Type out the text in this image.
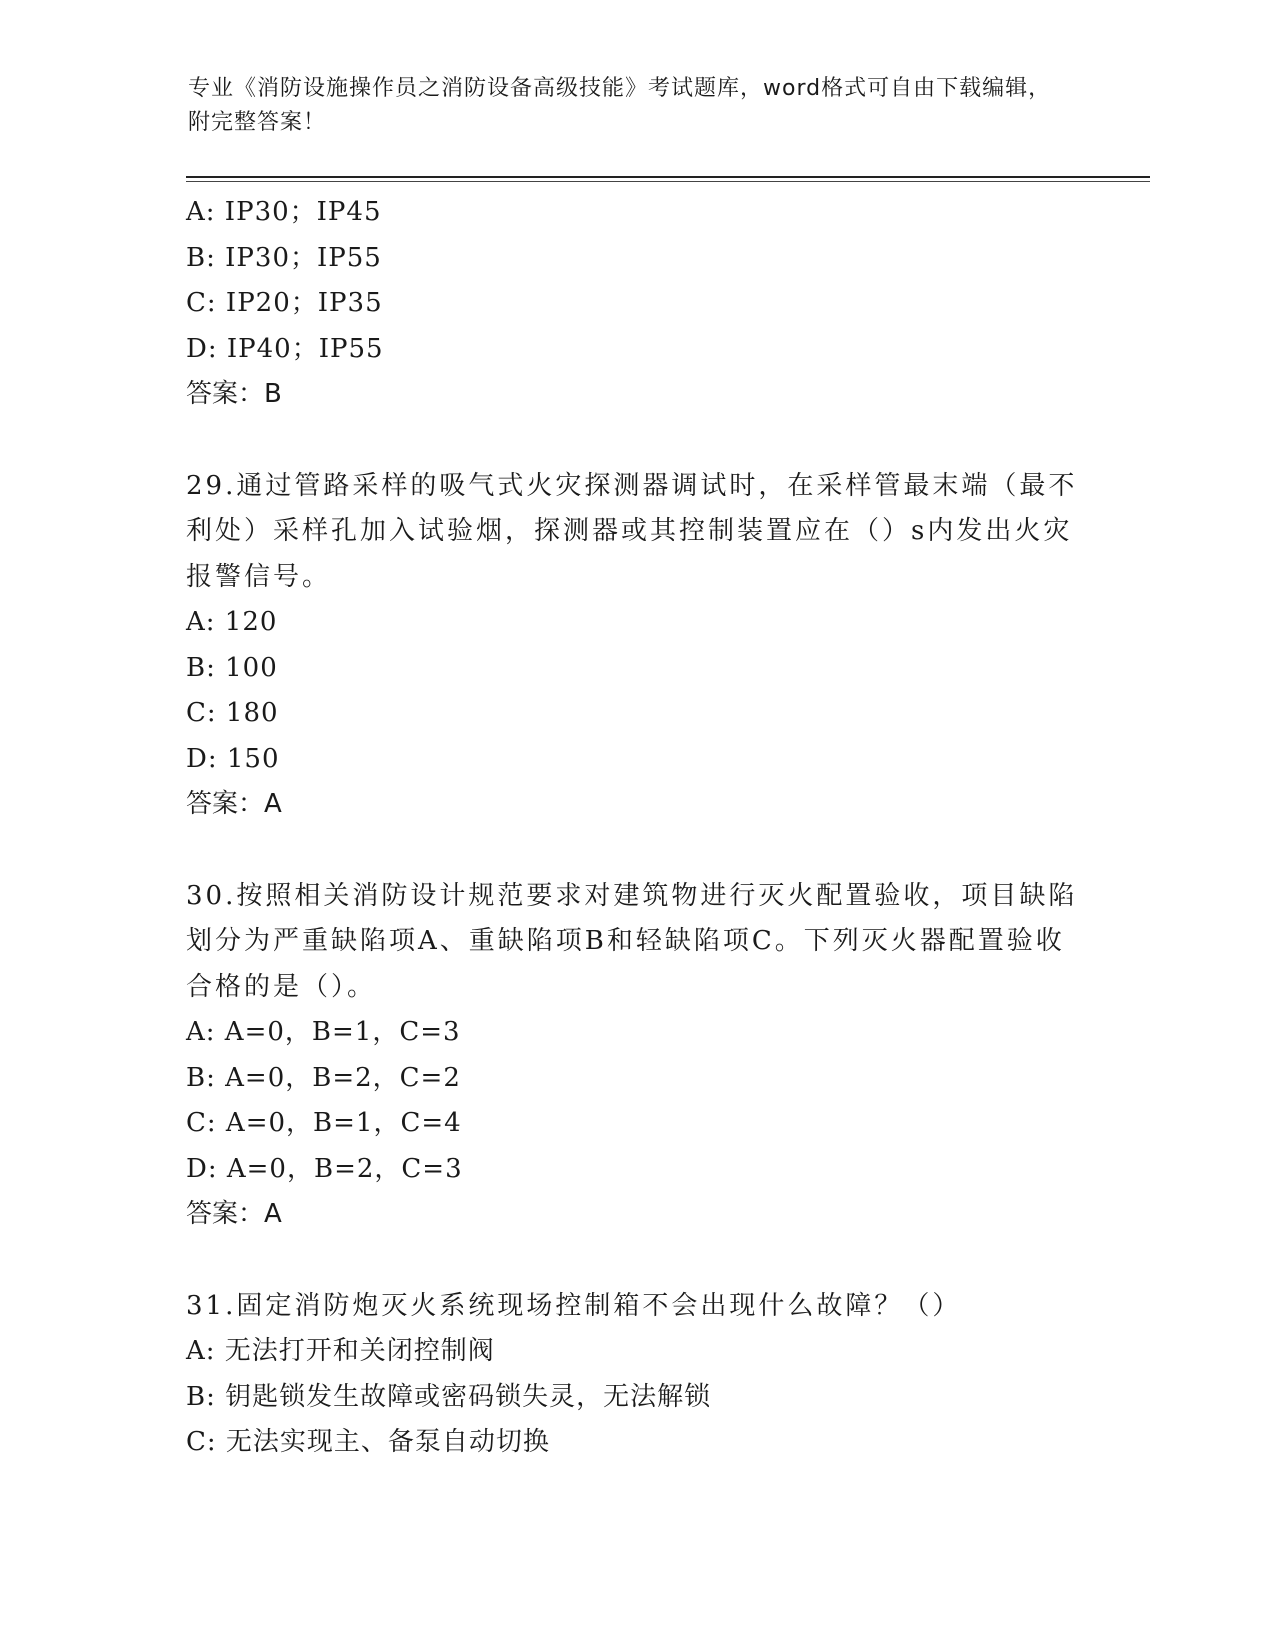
专业《消防设施操作员之消防设备高级技能》考试题库，word格式可自由下载编辑，附完整答案！
A: IP30；IP45
B: IP30；IP55
C: IP20；IP35
D: IP40；IP55
答案：B
29.通过管路采样的吸气式火灾探测器调试时，在采样管最末端（最不利处）采样孔加入试验烟，探测器或其控制装置应在（）s内发出火灾报警信号。
A: 120
B: 100
C: 180
D: 150
答案：A
30.按照相关消防设计规范要求对建筑物进行灭火配置验收，项目缺陷划分为严重缺陷项A、重缺陷项B和轻缺陷项C。下列灭火器配置验收合格的是（）。
A: A=0，B=1，C=3
B: A=0，B=2，C=2
C: A=0，B=1，C=4
D: A=0，B=2，C=3
答案：A
31.固定消防炮灭火系统现场控制箱不会出现什么故障？（）
A: 无法打开和关闭控制阀
B: 钥匙锁发生故障或密码锁失灵，无法解锁
C: 无法实现主、备泵自动切换
